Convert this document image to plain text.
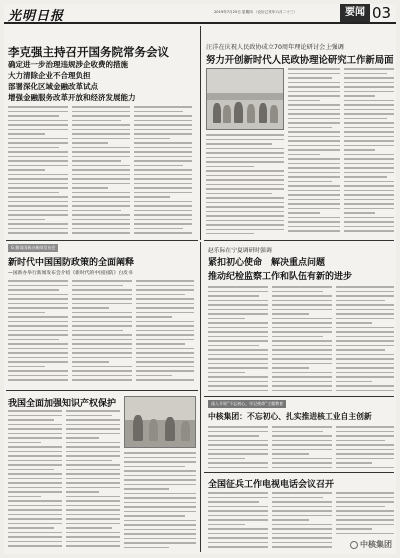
光明日报	2019年7月25日 星期四 （农历己亥年六月二十三）	要闻 03
李克强主持召开国务院常务会议
确定进一步治理违规涉企收费的措施
大力清除企业不合理负担
部署深化区域金融改革试点
增强金融服务改革开放和经济发展能力
汪洋在庆祝人民政协成立70周年理论研讨会上强调
努力开创新时代人民政协理论研究工作新局面
赵乐际在宁夏调研时强调
紧扣初心使命　解决重点问题
推动纪检监察工作和队伍有新的进步
G 解读国新办新闻发布会
新时代中国国防政策的全面阐释
—国新办举行新闻发布会介绍《新时代的中国国防》白皮书
深入开展“不忘初心、牢记使命”主题教育
中核集团：不忘初心、扎实推进核工业自主创新
我国全面加强知识产权保护
全国征兵工作电视电话会议召开
中核集团
